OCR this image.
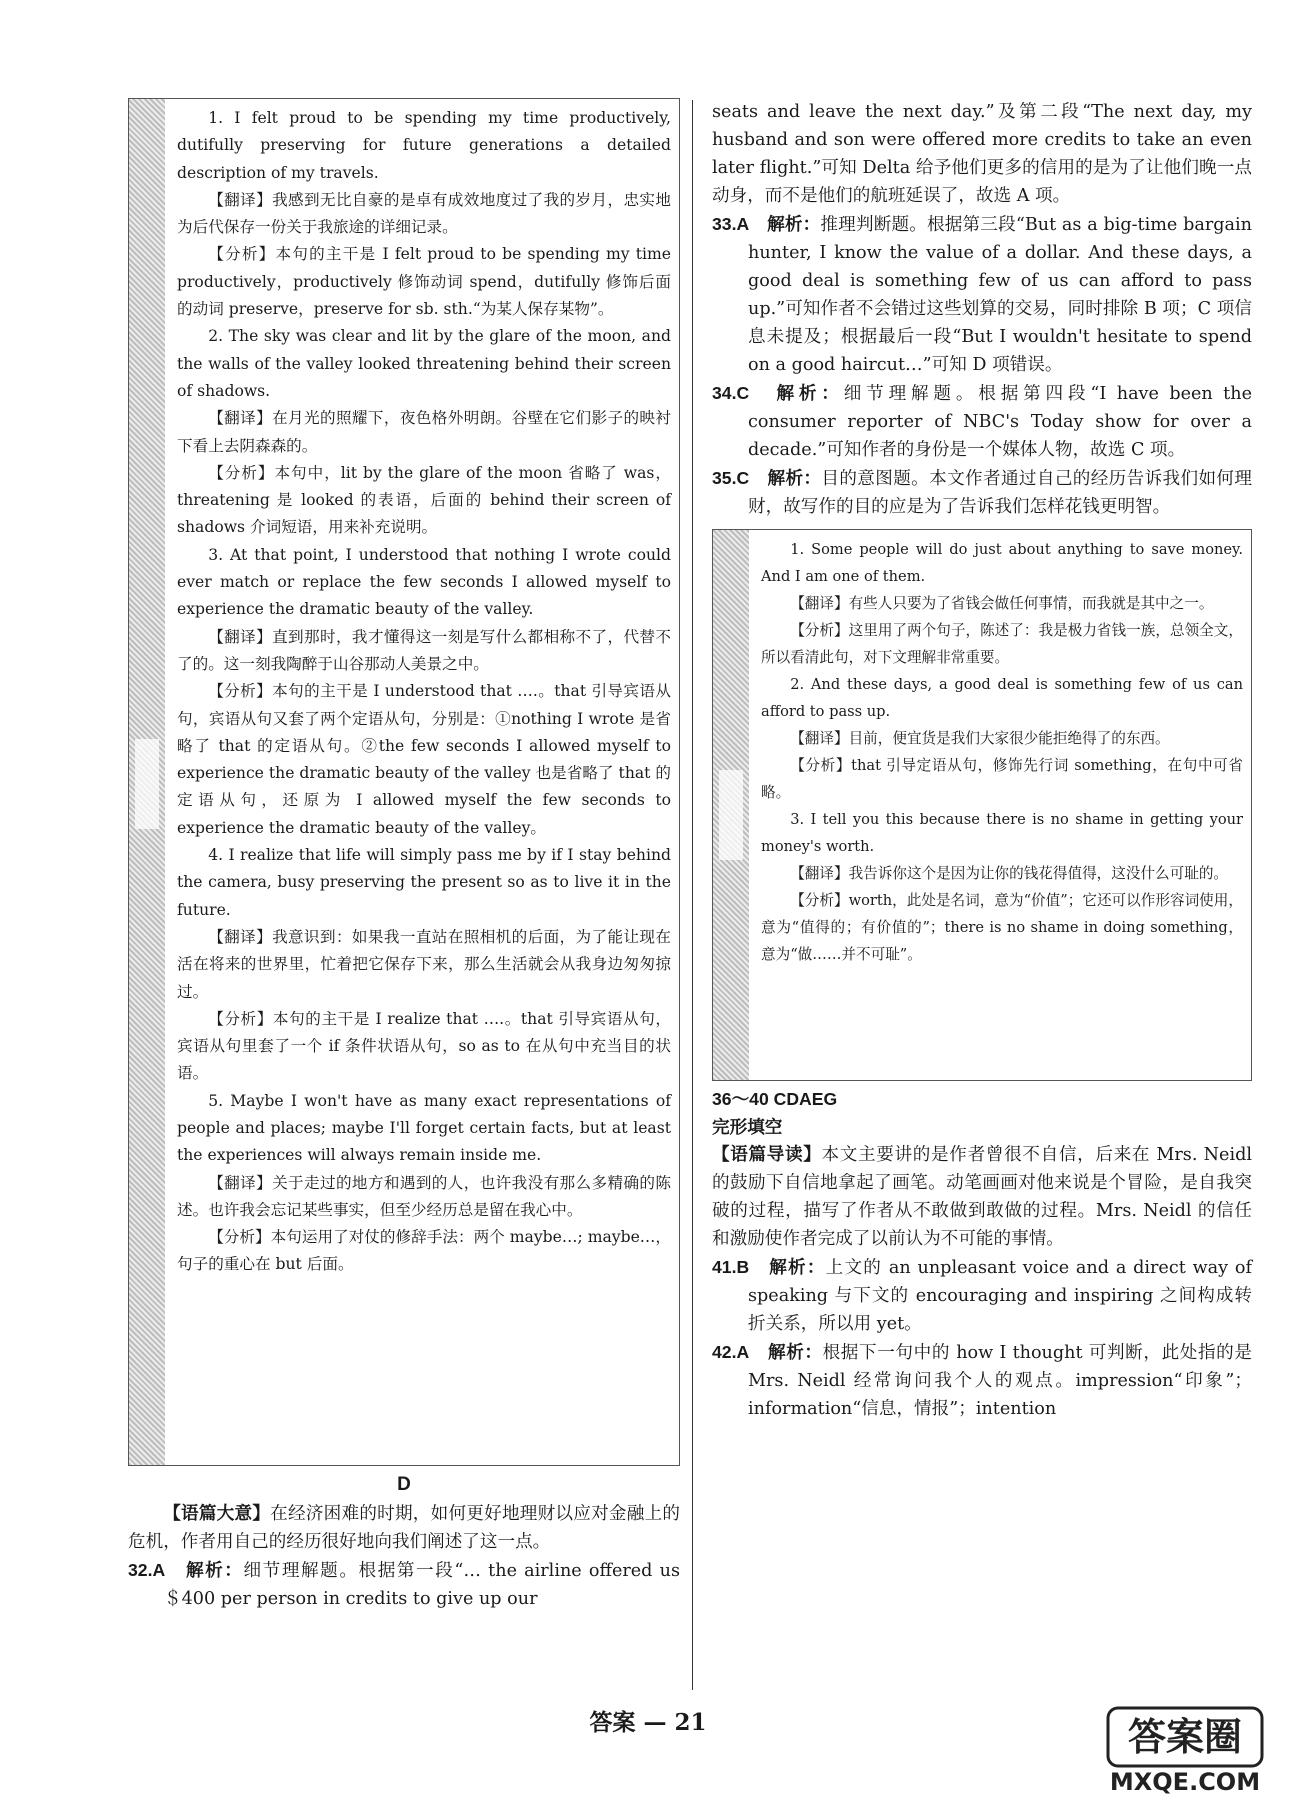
1. I felt proud to be spending my time productively, dutifully preserving for future generations a detailed description of my travels.

【翻译】我感到无比自豪的是卓有成效地度过了我的岁月，忠实地为后代保存一份关于我旅途的详细记录。

【分析】本句的主干是 I felt proud to be spending my time productively，productively 修饰动词 spend，dutifully 修饰后面的动词 preserve，preserve for sb. sth.“为某人保存某物”。

2. The sky was clear and lit by the glare of the moon, and the walls of the valley looked threatening behind their screen of shadows.

【翻译】在月光的照耀下，夜色格外明朗。谷壁在它们影子的映衬下看上去阴森森的。

【分析】本句中，lit by the glare of the moon 省略了 was，threatening 是 looked 的表语，后面的 behind their screen of shadows 介词短语，用来补充说明。

3. At that point, I understood that nothing I wrote could ever match or replace the few seconds I allowed myself to experience the dramatic beauty of the valley.

【翻译】直到那时，我才懂得这一刻是写什么都相称不了，代替不了的。这一刻我陶醉于山谷那动人美景之中。

【分析】本句的主干是 I understood that ….。that 引导宾语从句，宾语从句又套了两个定语从句，分别是：①nothing I wrote 是省略了 that 的定语从句。②the few seconds I allowed myself to experience the dramatic beauty of the valley 也是省略了 that 的定语从句，还原为 I allowed myself the few seconds to experience the dramatic beauty of the valley。

4. I realize that life will simply pass me by if I stay behind the camera, busy preserving the present so as to live it in the future.

【翻译】我意识到：如果我一直站在照相机的后面，为了能让现在活在将来的世界里，忙着把它保存下来，那么生活就会从我身边匆匆掠过。

【分析】本句的主干是 I realize that ….。that 引导宾语从句，宾语从句里套了一个 if 条件状语从句，so as to 在从句中充当目的状语。

5. Maybe I won't have as many exact representations of people and places; maybe I'll forget certain facts, but at least the experiences will always remain inside me.

【翻译】关于走过的地方和遇到的人，也许我没有那么多精确的陈述。也许我会忘记某些事实，但至少经历总是留在我心中。

【分析】本句运用了对仗的修辞手法：两个 maybe…; maybe…，句子的重心在 but 后面。

D

【语篇大意】在经济困难的时期，如何更好地理财以应对金融上的危机，作者用自己的经历很好地向我们阐述了这一点。

32.A　 解析：细节理解题。根据第一段“… the airline offered us ＄400 per person in credits to give up our

seats and leave the next day.”及第二段“The next day, my husband and son were offered more credits to take an even later flight.”可知 Delta 给予他们更多的信用的是为了让他们晚一点动身，而不是他们的航班延误了，故选 A 项。

33.A　 解析：推理判断题。根据第三段“But as a big-time bargain hunter, I know the value of a dollar. And these days, a good deal is something few of us can afford to pass up.”可知作者不会错过这些划算的交易，同时排除 B 项；C 项信息未提及；根据最后一段“But I wouldn't hesitate to spend on a good haircut…”可知 D 项错误。
34.C　 解析：细节理解题。根据第四段“I have been the consumer reporter of NBC's Today show for over a decade.”可知作者的身份是一个媒体人物，故选 C 项。
35.C　 解析：目的意图题。本文作者通过自己的经历告诉我们如何理财，故写作的目的应是为了告诉我们怎样花钱更明智。

1. Some people will do just about anything to save money. And I am one of them.

【翻译】有些人只要为了省钱会做任何事情，而我就是其中之一。

【分析】这里用了两个句子，陈述了：我是极力省钱一族，总领全文，所以看清此句，对下文理解非常重要。

2. And these days, a good deal is something few of us can afford to pass up.

【翻译】目前，便宜货是我们大家很少能拒绝得了的东西。

【分析】that 引导定语从句，修饰先行词 something，在句中可省略。

3. I tell you this because there is no shame in getting your money's worth.

【翻译】我告诉你这个是因为让你的钱花得值得，这没什么可耻的。

【分析】worth，此处是名词，意为“价值”；它还可以作形容词使用，意为“值得的；有价值的”；there is no shame in doing something，意为“做……并不可耻”。

36～40 CDAEG

完形填空

【语篇导读】本文主要讲的是作者曾很不自信，后来在 Mrs. Neidl 的鼓励下自信地拿起了画笔。动笔画画对他来说是个冒险，是自我突破的过程，描写了作者从不敢做到敢做的过程。Mrs. Neidl 的信任和激励使作者完成了以前认为不可能的事情。

41.B　 解析：上文的 an unpleasant voice and a direct way of speaking 与下文的 encouraging and inspiring 之间构成转折关系，所以用 yet。
42.A　 解析：根据下一句中的 how I thought 可判断，此处指的是 Mrs. Neidl 经常询问我个人的观点。impression“印象”；information“信息，情报”；intention
答案 — 21	答案圈
MXQE.COM
